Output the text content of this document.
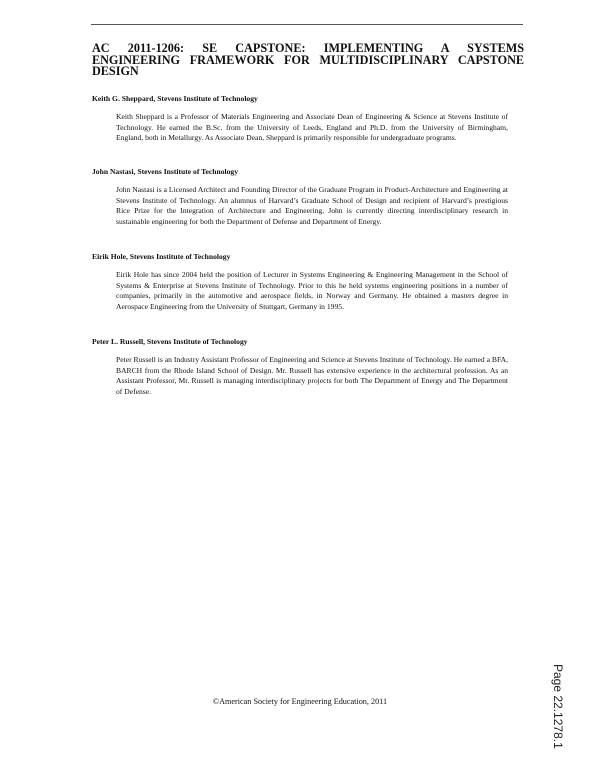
AC 2011-1206: SE CAPSTONE: IMPLEMENTING A SYSTEMS ENGINEERING FRAMEWORK FOR MULTIDISCIPLINARY CAPSTONE DESIGN

Keith G. Sheppard, Stevens Institute of Technology

Keith Sheppard is a Professor of Materials Engineering and Associate Dean of Engineering & Science at Stevens Institute of Technology. He earned the B.Sc. from the University of Leeds, England and Ph.D. from the University of Birmingham, England, both in Metallurgy. As Associate Dean, Sheppard is primarily responsible for undergraduate programs.

John Nastasi, Stevens Institute of Technology

John Nastasi is a Licensed Architect and Founding Director of the Graduate Program in Product-Architecture and Engineering at Stevens Institute of Technology. An alumnus of Harvard’s Graduate School of Design and recipient of Harvard’s prestigious Rice Prize for the Integration of Architecture and Engineering, John is currently directing interdisciplinary research in sustainable engineering for both the Department of Defense and Department of Energy.

Eirik Hole, Stevens Institute of Technology

Eirik Hole has since 2004 held the position of Lecturer in Systems Engineering & Engineering Management in the School of Systems & Enterprise at Stevens Institute of Technology. Prior to this he held systems engineering positions in a number of companies, primarily in the automotive and aerospace fields, in Norway and Germany. He obtained a masters degree in Aerospace Engineering from the University of Stuttgart, Germany in 1995.

Peter L. Russell, Stevens Institute of Technology

Peter Russell is an Industry Assistant Professor of Engineering and Science at Stevens Institute of Technology. He earned a BFA, BARCH from the Rhode Island School of Design. Mr. Russell has extensive experience in the architectural profession. As an Assistant Professor, Mr. Russell is managing interdisciplinary projects for both The Department of Energy and The Department of Defense.

©American Society for Engineering Education, 2011	Page 22.1278.1
